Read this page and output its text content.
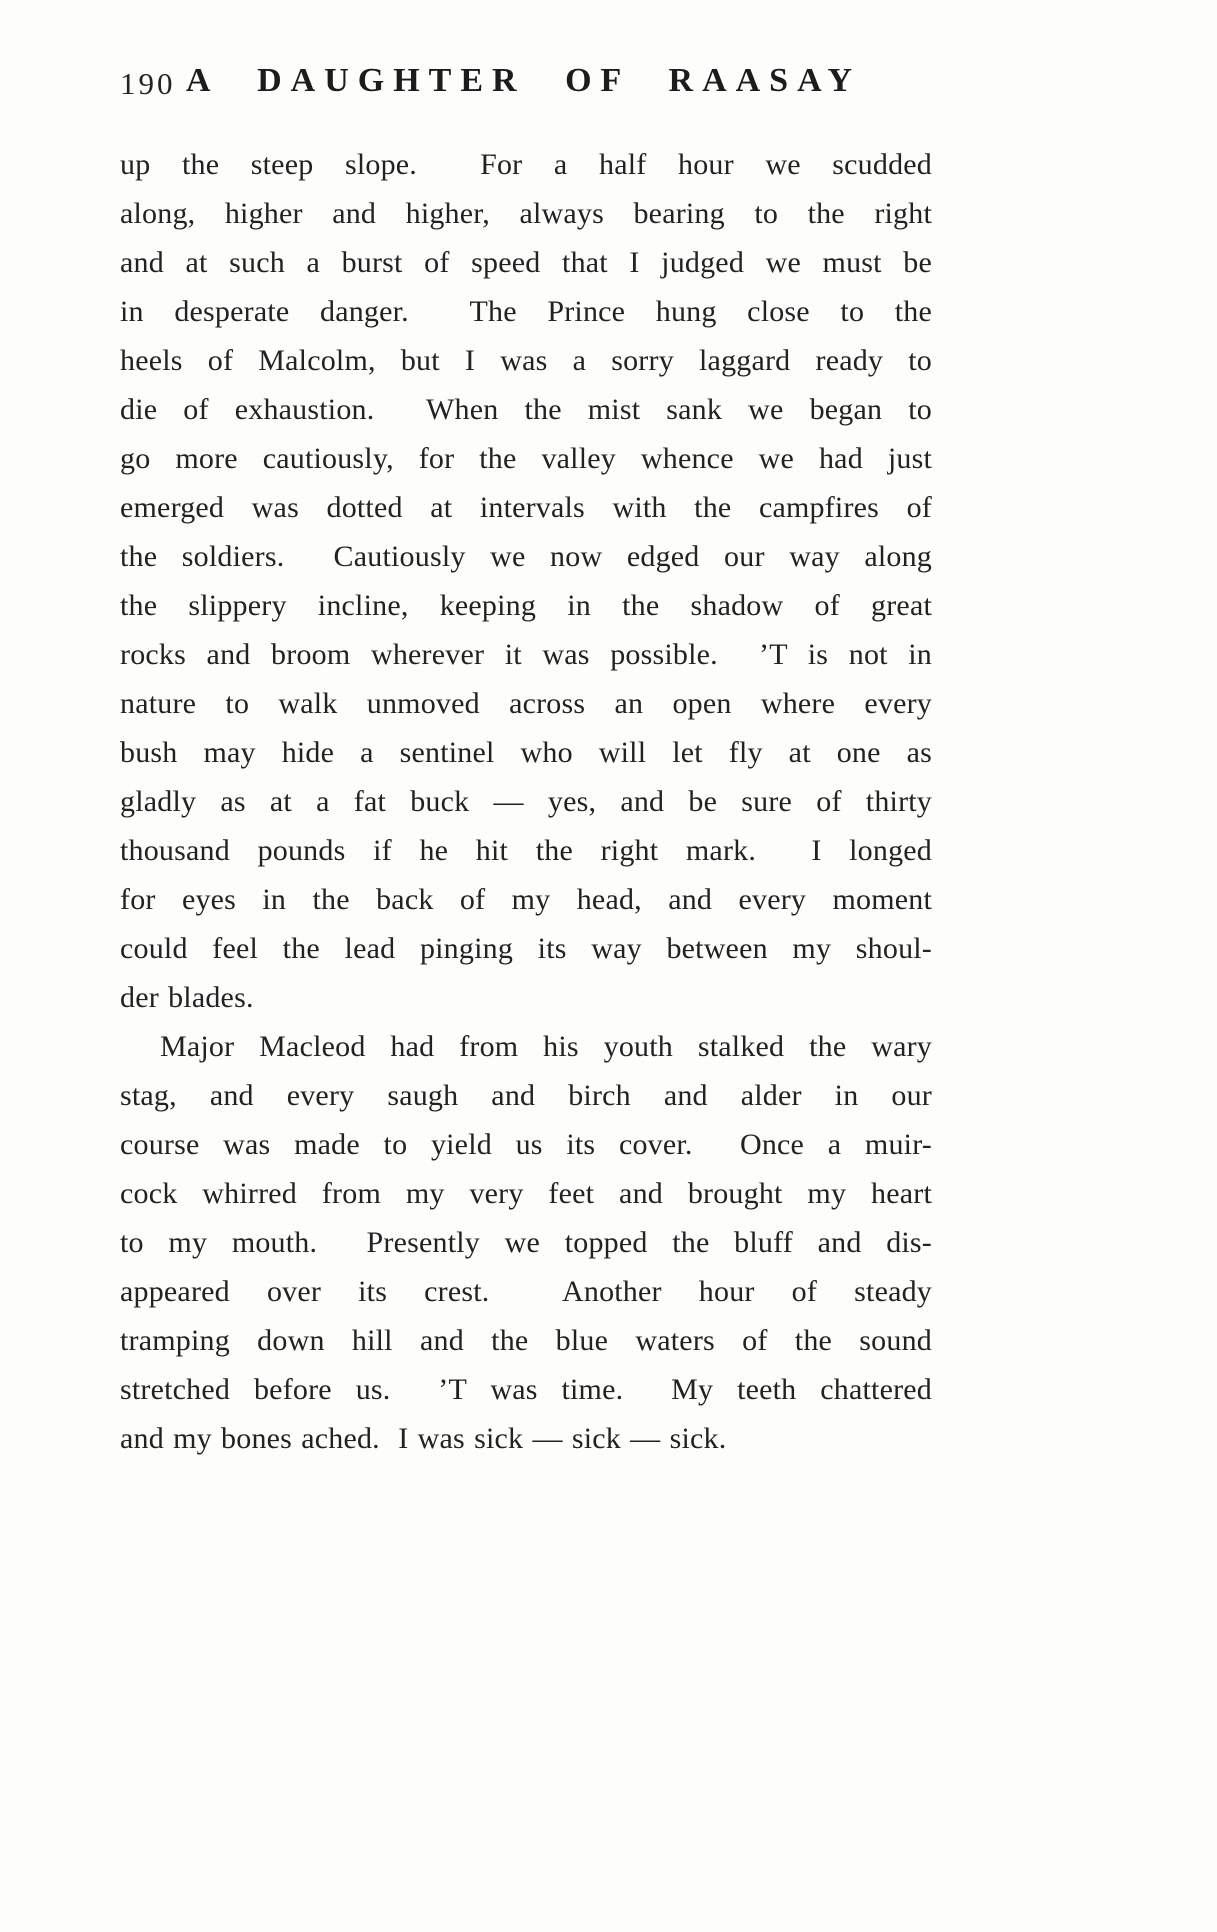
190 A DAUGHTER OF RAASAY
up the steep slope.  For a half hour we scudded
along, higher and higher, always bearing to the right
and at such a burst of speed that I judged we must be
in desperate danger.  The Prince hung close to the
heels of Malcolm, but I was a sorry laggard ready to
die of exhaustion.  When the mist sank we began to
go more cautiously, for the valley whence we had just
emerged was dotted at intervals with the campfires of
the soldiers.  Cautiously we now edged our way along
the slippery incline, keeping in the shadow of great
rocks and broom wherever it was possible.  ’T is not in
nature to walk unmoved across an open where every
bush may hide a sentinel who will let fly at one as
gladly as at a fat buck — yes, and be sure of thirty
thousand pounds if he hit the right mark.  I longed
for eyes in the back of my head, and every moment
could feel the lead pinging its way between my shoul-
der blades.
Major Macleod had from his youth stalked the wary
stag, and every saugh and birch and alder in our
course was made to yield us its cover.  Once a muir-
cock whirred from my very feet and brought my heart
to my mouth.  Presently we topped the bluff and dis-
appeared over its crest.  Another hour of steady
tramping down hill and the blue waters of the sound
stretched before us.  ’T was time.  My teeth chattered
and my bones ached.  I was sick — sick — sick.
